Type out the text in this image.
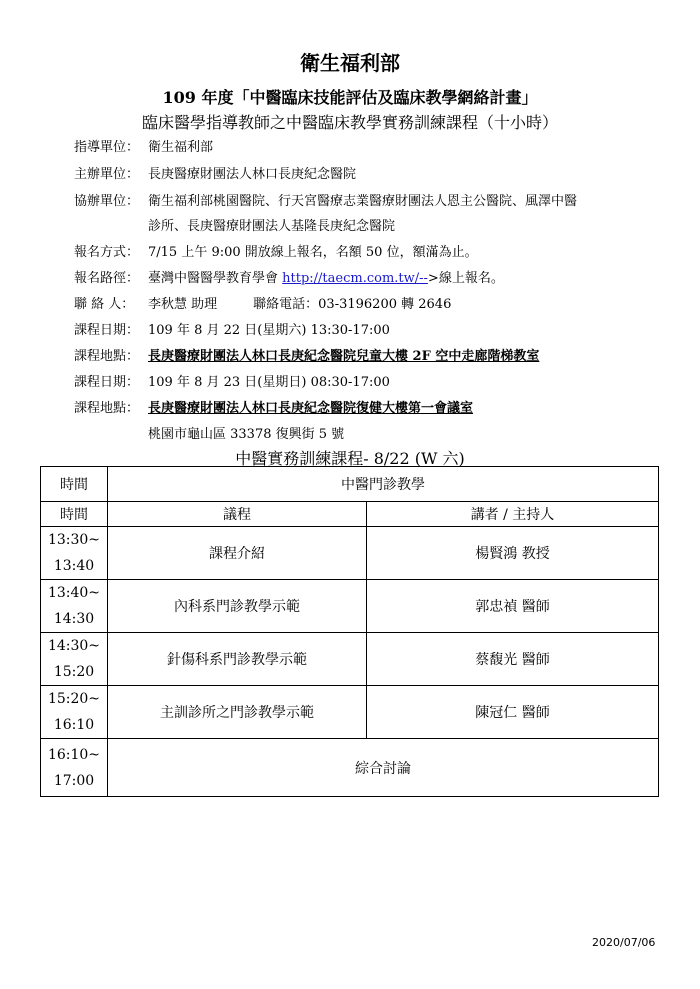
衛生福利部
109 年度「中醫臨床技能評估及臨床教學網絡計畫」
臨床醫學指導教師之中醫臨床教學實務訓練課程（十小時）
指導單位： 衛生福利部
主辦單位： 長庚醫療財團法人林口長庚紀念醫院
協辦單位： 衛生福利部桃園醫院、行天宮醫療志業醫療財團法人恩主公醫院、風澤中醫
診所、長庚醫療財團法人基隆長庚紀念醫院
報名方式： 7/15 上午 9:00 開放線上報名，名額 50 位，額滿為止。
報名路徑： 臺灣中醫醫學教育學會 http://taecm.com.tw/-->線上報名。
聯 絡 人： 李秋慧 助理	聯絡電話：03-3196200 轉 2646
課程日期： 109 年 8 月 22 日(星期六) 13:30-17:00
課程地點： 長庚醫療財團法人林口長庚紀念醫院兒童大樓 2F 空中走廊階梯教室
課程日期： 109 年 8 月 23 日(星期日) 08:30-17:00
課程地點： 長庚醫療財團法人林口長庚紀念醫院復健大樓第一會議室
桃園市龜山區 33378 復興街 5 號
中醫實務訓練課程- 8/22 (W 六)
時間	中醫門診教學	
時間	議程	講者 / 主持人
13:30~
13:40	課程介紹	楊賢鴻 教授
13:40~
14:30	內科系門診教學示範	郭忠禎 醫師
14:30~
15:20	針傷科系門診教學示範	蔡馥光 醫師
15:20~
16:10	主訓診所之門診教學示範	陳冠仁 醫師
16:10~
17:00	綜合討論	
2020/07/06
